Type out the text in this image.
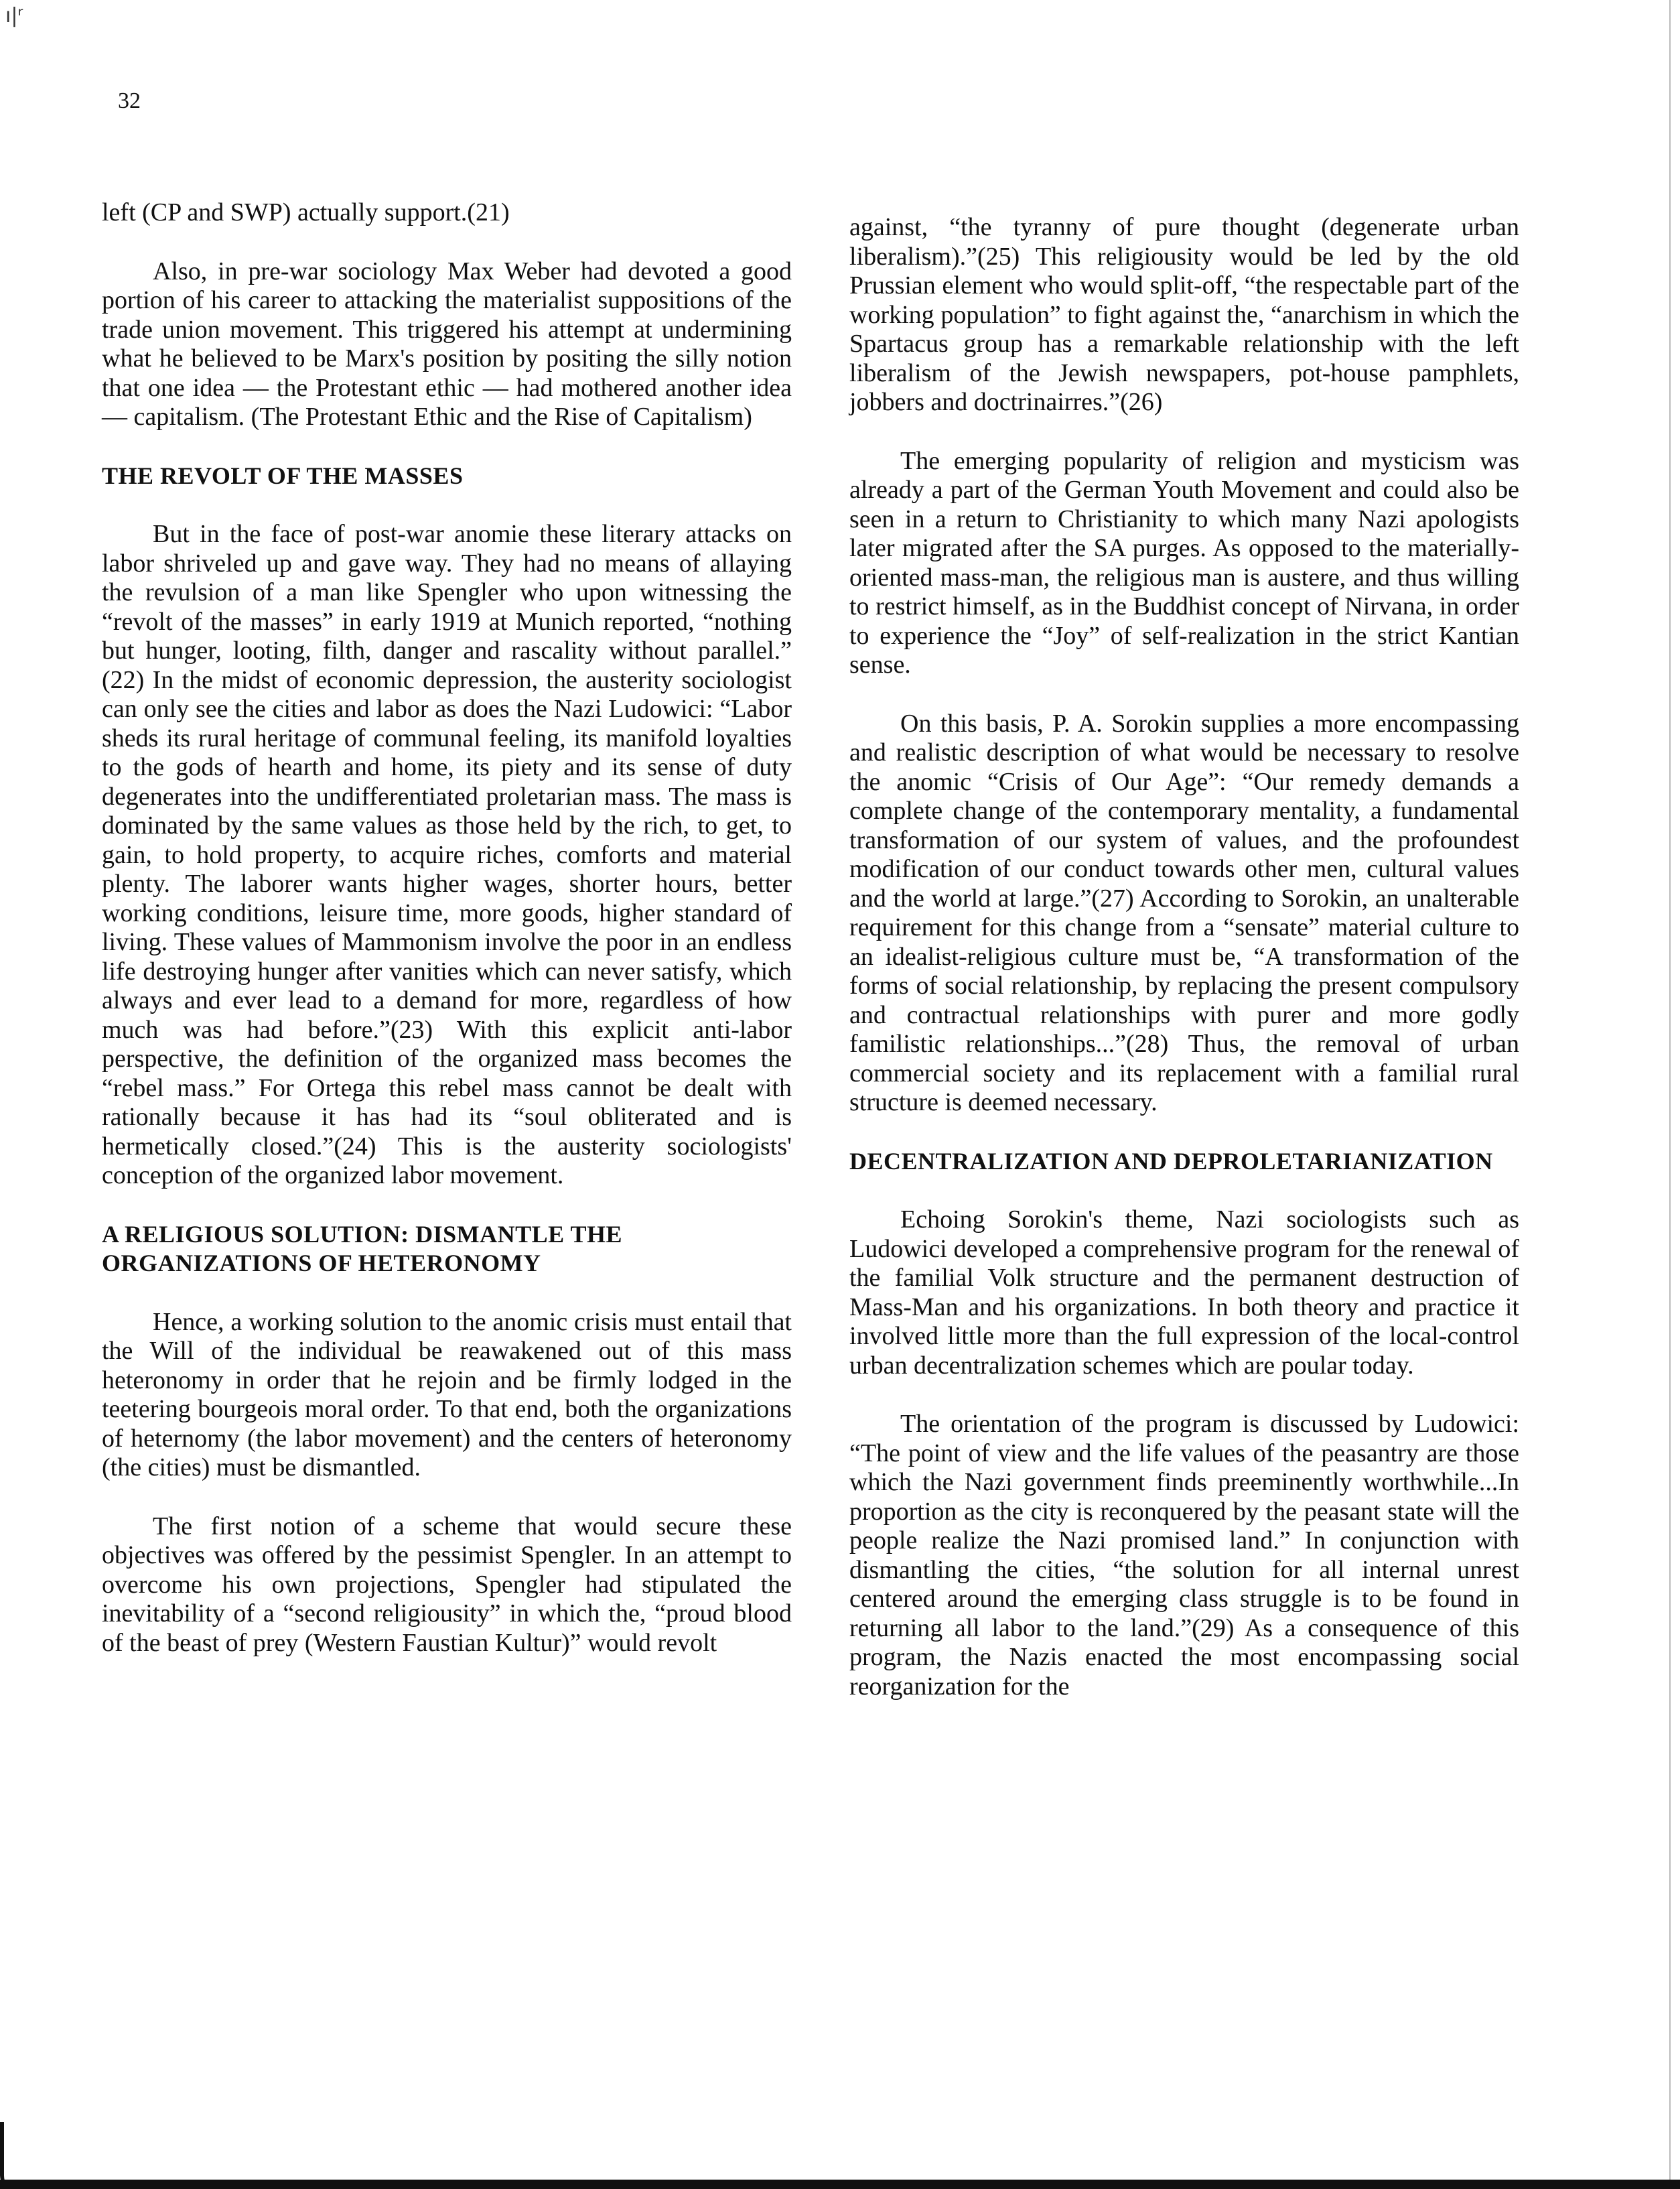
ı|ʳ
32

left (CP and SWP) actually support.(21)

Also, in pre-war sociology Max Weber had devoted a good portion of his career to attacking the materialist suppositions of the trade union movement. This triggered his attempt at undermining what he believed to be Marx's position by positing the silly notion that one idea — the Protestant ethic — had mothered another idea — capitalism. (The Protestant Ethic and the Rise of Capitalism)

THE REVOLT OF THE MASSES

But in the face of post-war anomie these literary attacks on labor shriveled up and gave way. They had no means of allaying the revulsion of a man like Spengler who upon witnessing the “revolt of the masses” in early 1919 at Munich reported, “nothing but hunger, looting, filth, danger and rascality without parallel.” (22) In the midst of economic depression, the austerity sociologist can only see the cities and labor as does the Nazi Ludowici: “Labor sheds its rural heritage of communal feeling, its manifold loyalties to the gods of hearth and home, its piety and its sense of duty degenerates into the undifferentiated proletarian mass. The mass is dominated by the same values as those held by the rich, to get, to gain, to hold property, to acquire riches, comforts and material plenty. The laborer wants higher wages, shorter hours, better working conditions, leisure time, more goods, higher standard of living. These values of Mammonism involve the poor in an endless life destroying hunger after vanities which can never satisfy, which always and ever lead to a demand for more, regardless of how much was had before.”(23) With this explicit anti-labor perspective, the definition of the organized mass becomes the “rebel mass.” For Ortega this rebel mass cannot be dealt with rationally because it has had its “soul obliterated and is hermetically closed.”(24) This is the austerity sociologists' conception of the organized labor movement.

A RELIGIOUS SOLUTION: DISMANTLE THE ORGANIZATIONS OF HETERONOMY

Hence, a working solution to the anomic crisis must entail that the Will of the individual be reawakened out of this mass heteronomy in order that he rejoin and be firmly lodged in the teetering bourgeois moral order. To that end, both the organizations of heternomy (the labor movement) and the centers of heteronomy (the cities) must be dismantled.

The first notion of a scheme that would secure these objectives was offered by the pessimist Spengler. In an attempt to overcome his own projections, Spengler had stipulated the inevitability of a “second religiousity” in which the, “proud blood of the beast of prey (Western Faustian Kultur)” would revolt

against, “the tyranny of pure thought (degenerate urban liberalism).”(25) This religiousity would be led by the old Prussian element who would split-off, “the respectable part of the working population” to fight against the, “anarchism in which the Spartacus group has a remarkable relationship with the left liberalism of the Jewish newspapers, pot-house pamphlets, jobbers and doctrinairres.”(26)

The emerging popularity of religion and mysticism was already a part of the German Youth Movement and could also be seen in a return to Christianity to which many Nazi apologists later migrated after the SA purges. As opposed to the materially-oriented mass-man, the religious man is austere, and thus willing to restrict himself, as in the Buddhist concept of Nirvana, in order to experience the “Joy” of self-realization in the strict Kantian sense.

On this basis, P. A. Sorokin supplies a more encompassing and realistic description of what would be necessary to resolve the anomic “Crisis of Our Age”: “Our remedy demands a complete change of the contemporary mentality, a fundamental transformation of our system of values, and the profoundest modification of our conduct towards other men, cultural values and the world at large.”(27) According to Sorokin, an unalterable requirement for this change from a “sensate” material culture to an idealist-religious culture must be, “A transformation of the forms of social relationship, by replacing the present compulsory and contractual relationships with purer and more godly familistic relationships...”(28) Thus, the removal of urban commercial society and its replacement with a familial rural structure is deemed necessary.

DECENTRALIZATION AND DEPROLETARIANIZATION

Echoing Sorokin's theme, Nazi sociologists such as Ludowici developed a comprehensive program for the renewal of the familial Volk structure and the permanent destruction of Mass-Man and his organizations. In both theory and practice it involved little more than the full expression of the local-control urban decentralization schemes which are poular today.

The orientation of the program is discussed by Ludowici: “The point of view and the life values of the peasantry are those which the Nazi government finds preeminently worthwhile...In proportion as the city is reconquered by the peasant state will the people realize the Nazi promised land.” In conjunction with dismantling the cities, “the solution for all internal unrest centered around the emerging class struggle is to be found in returning all labor to the land.”(29) As a consequence of this program, the Nazis enacted the most encompassing social reorganization for the
